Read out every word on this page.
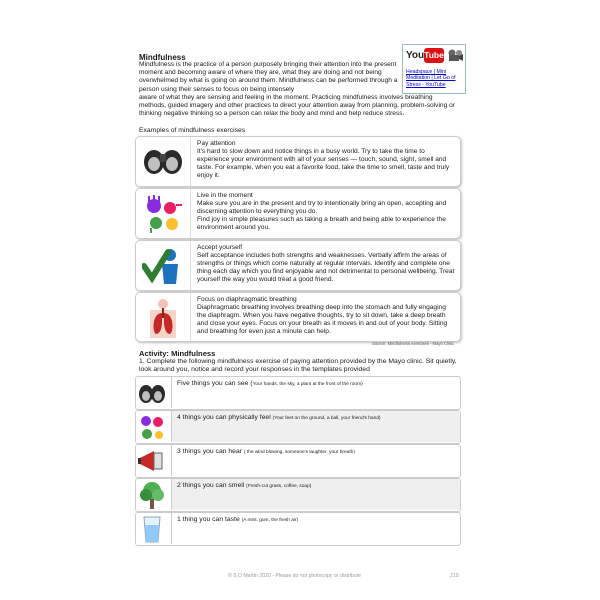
Mindfulness
Mindfulness is the practice of a person purposely bringing their attention into the present moment and becoming aware of where they are, what they are doing and not being overwhelmed by what is going on around them. Mindfulness can be performed through a person using their senses to focus on being intensely
aware of what they are sensing and feeling in the moment. Practicing mindfulness involves breathing methods, guided imagery and other practices to direct your attention away from planning, problem-solving or thinking negative thinking so a person can relax the body and mind and help reduce stress.
You Tube
Headspace | Mini Meditation | Let Go of Stress - YouTube
Examples of mindfulness exercises
Pay attention
It's hard to slow down and notice things in a busy world. Try to take the time to experience your environment with all of your senses — touch, sound, sight, smell and taste. For example, when you eat a favorite food, take the time to smell, taste and truly enjoy it.
Live in the moment
Make sure you are in the present and try to intentionally bring an open, accepting and discerning attention to everything you do.
Find joy in simple pleasures such as taking a breath and being able to experience the environment around you.
Accept yourself
Self acceptance includes both strengths and weaknesses. Verbally affirm the areas of strengths or things which come naturally at regular intervals. Identify and complete one thing each day which you find enjoyable and not detrimental to personal wellbeing. Treat yourself the way you would treat a good friend.
Focus on diaphragmatic breathing
Diaphragmatic breathing involves breathing deep into the stomach and fully engaging the diaphragm. When you have negative thoughts, try to sit down, take a deep breath and close your eyes. Focus on your breath as it moves in and out of your body. Sitting and breathing for even just a minute can help.
Source: Mindfulness exercises - Mayo Clinic
Activity: Mindfulness
1. Complete the following mindfulness exercise of paying attention provided by the Mayo clinic. Sit quietly, look around you, notice and record your responses in the templates provided
Five things you can see (Your hands, the sky, a plant at the front of the room)
4 things you can physically feel (Your feet on the ground, a ball, your friend's hand)
3 things you can hear ( the wind blowing, someone's laughter, your breath)
2 things you can smell (Fresh-cut grass, coffee, soap)
1 thing you can taste (A mint, gum, the fresh air)
© S D Martin 2020 - Please do not photocopy or distribute	210
